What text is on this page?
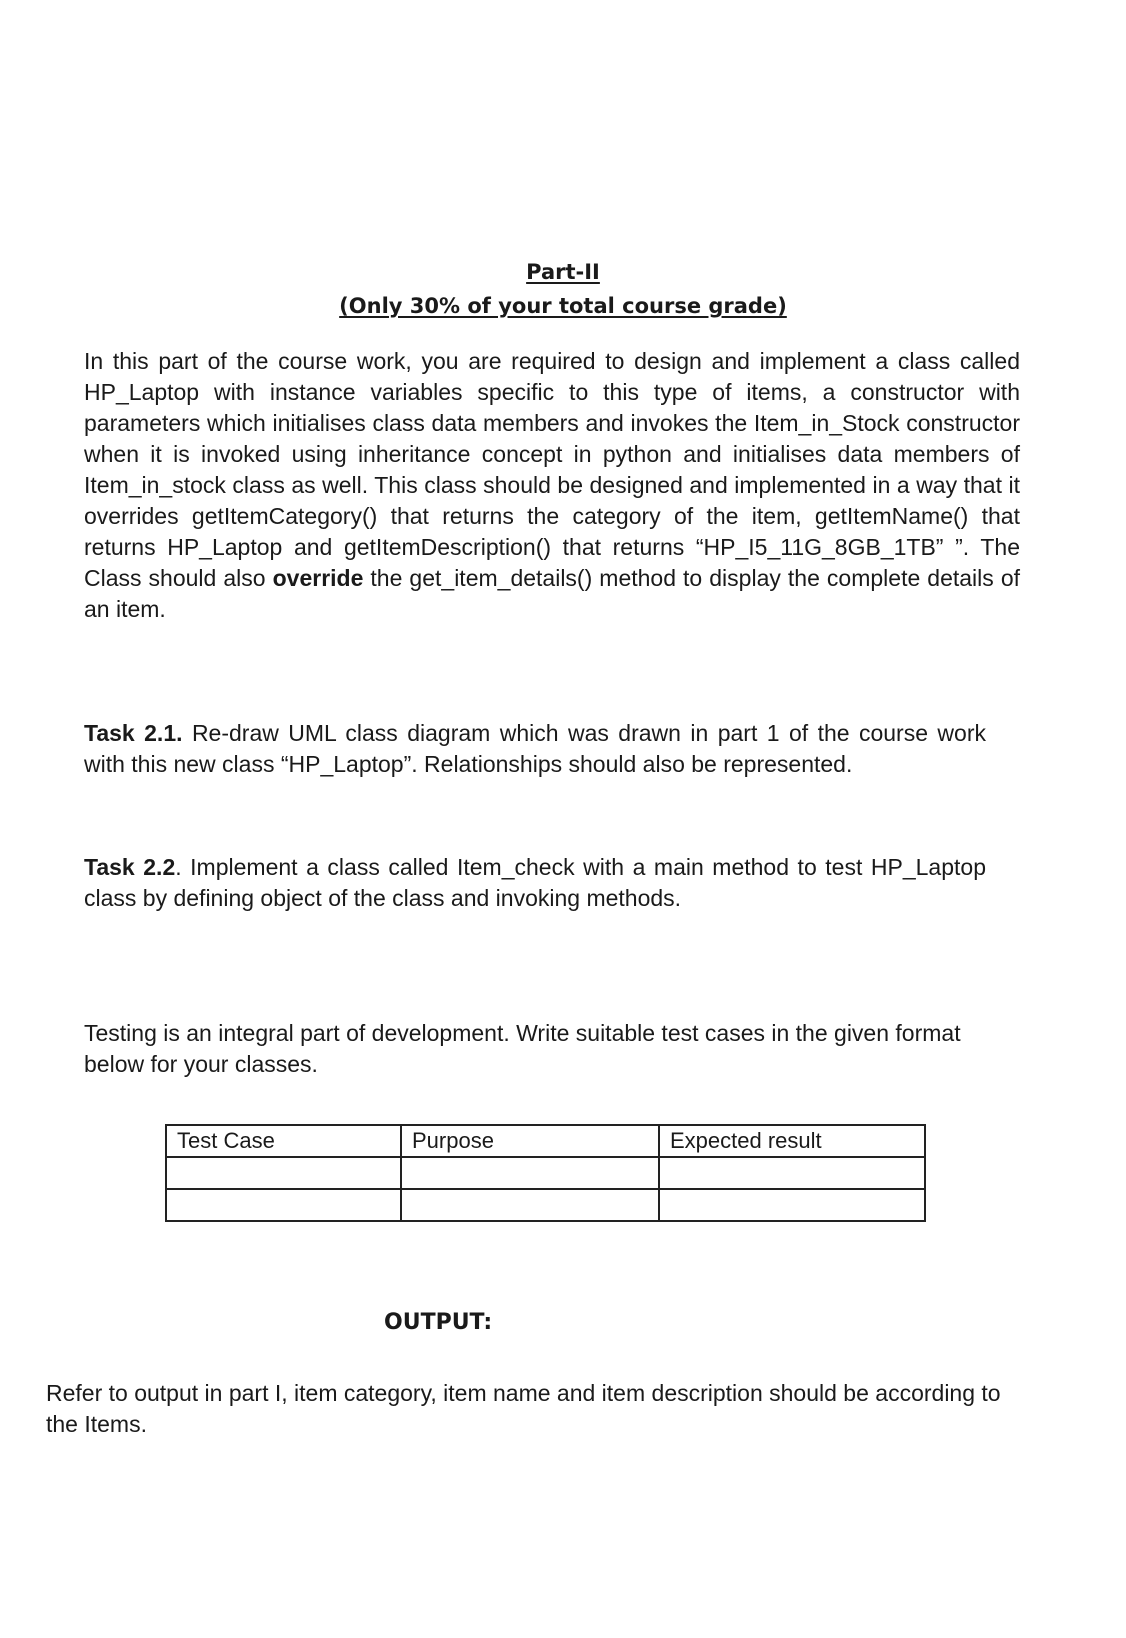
Part-II
(Only 30% of your total course grade)

In this part of the course work, you are required to design and implement a class called HP_Laptop with instance variables specific to this type of items, a constructor with parameters which initialises class data members and invokes the Item_in_Stock constructor when it is invoked using inheritance concept in python and initialises data members of Item_in_stock class as well. This class should be designed and implemented in a way that it overrides getItemCategory() that returns the category of the item, getItemName() that returns HP_Laptop and getItemDescription() that returns “HP_I5_11G_8GB_1TB” ”. The Class should also override the get_item_details() method to display the complete details of an item.

Task 2.1. Re-draw UML class diagram which was drawn in part 1 of the course work with this new class “HP_Laptop”. Relationships should also be represented.

Task 2.2. Implement a class called Item_check with a main method to test HP_Laptop class by defining object of the class and invoking methods.

Testing is an integral part of development. Write suitable test cases in the given format below for your classes.

Test Case	Purpose	Expected result

OUTPUT:

Refer to output in part I, item category, item name and item description should be according to the Items.
